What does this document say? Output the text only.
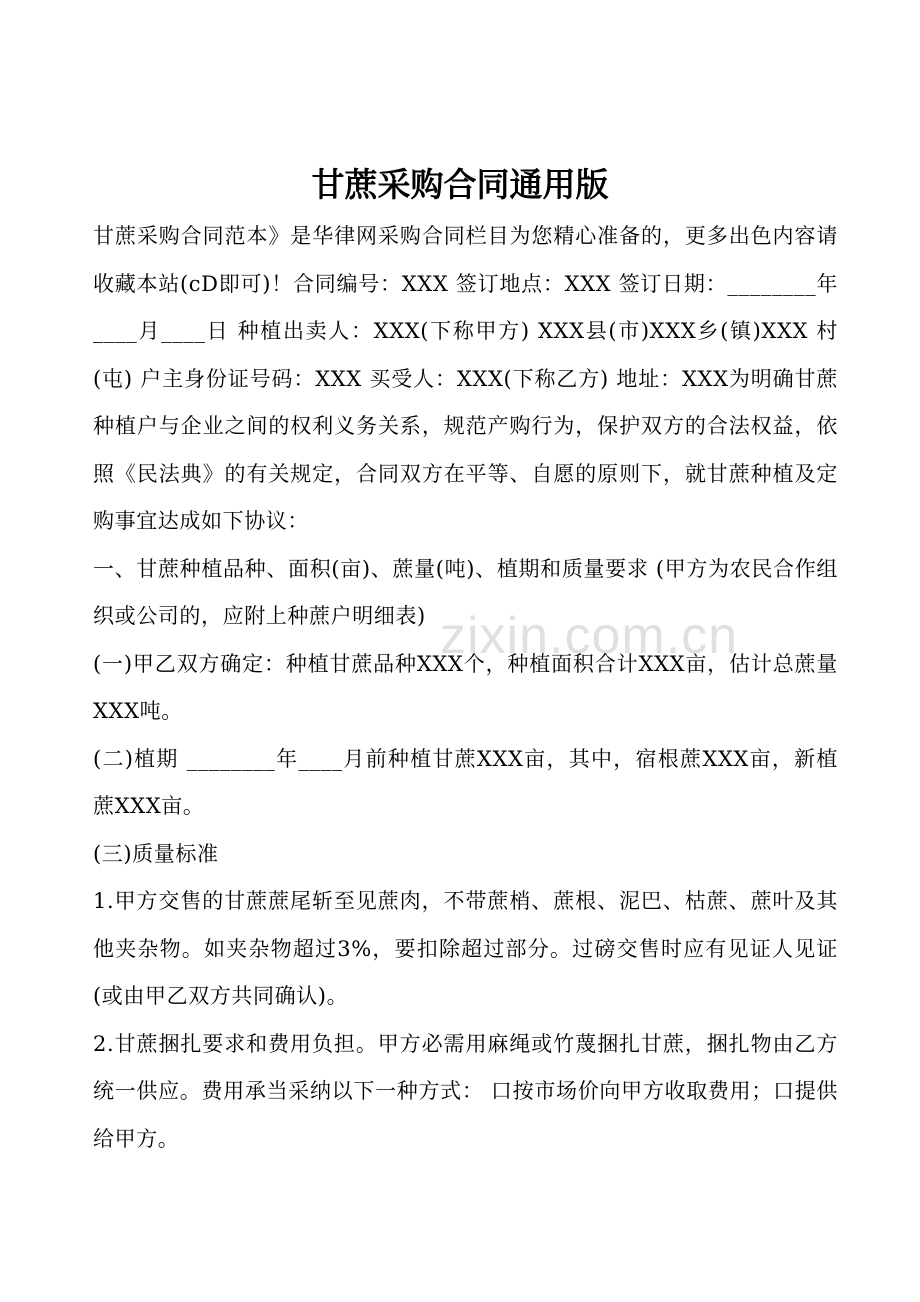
甘蔗采购合同通用版

甘蔗采购合同范本》是华律网采购合同栏目为您精心准备的，更多出色内容请收藏本站(cD即可)！合同编号：XXX 签订地点：XXX 签订日期：________年____月____日 种植出卖人：XXX(下称甲方) XXX县(市)XXX乡(镇)XXX 村(屯) 户主身份证号码：XXX 买受人：XXX(下称乙方) 地址：XXX为明确甘蔗种植户与企业之间的权利义务关系，规范产购行为，保护双方的合法权益，依照《民法典》的有关规定，合同双方在平等、自愿的原则下，就甘蔗种植及定购事宜达成如下协议：

一、甘蔗种植品种、面积(亩)、蔗量(吨)、植期和质量要求 (甲方为农民合作组织或公司的，应附上种蔗户明细表)

(一)甲乙双方确定：种植甘蔗品种XXX个，种植面积合计XXX亩，估计总蔗量XXX吨。

(二)植期 ________年____月前种植甘蔗XXX亩，其中，宿根蔗XXX亩，新植蔗XXX亩。

(三)质量标准

1.甲方交售的甘蔗蔗尾斩至见蔗肉，不带蔗梢、蔗根、泥巴、枯蔗、蔗叶及其他夹杂物。如夹杂物超过3%，要扣除超过部分。过磅交售时应有见证人见证(或由甲乙双方共同确认)。

2.甘蔗捆扎要求和费用负担。甲方必需用麻绳或竹蔑捆扎甘蔗，捆扎物由乙方统一供应。费用承当采纳以下一种方式： 口按市场价向甲方收取费用；口提供给甲方。

zixin.com.cn
